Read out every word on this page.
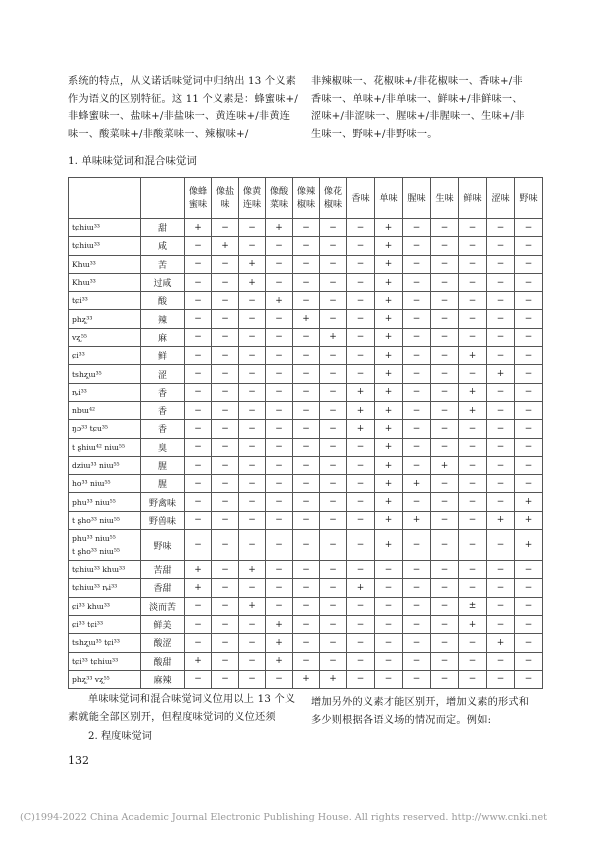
系统的特点，从义诺话味觉词中归纳出 13 个义素作为语义的区别特征。这 11 个义素是：蜂蜜味+/非蜂蜜味一、盐味+/非盐味一、黄连味+/非黄连味一、酸菜味+/非酸菜味一、辣椒味+/

非辣椒味一、花椒味+/非花椒味一、香味+/非香味一、单味+/非单味一、鲜味+/非鲜味一、涩味+/非涩味一、腥味+/非腥味一、生味+/非生味一、野味+/非野味一。

1. 单味味觉词和混合味觉词
		像蜂蜜味	像盐味	像黄连味	像酸菜味	像辣椒味	像花椒味	香味	单味	腥味	生味	鲜味	涩味	野味
tɕhiɯ³³	甜	+	−	−	+	−	−	−	+	−	−	−	−	−
tɕhiɯ³³	咸	−	+	−	−	−	−	−	+	−	−	−	−	−
Khɯ³³	苦	−	−	+	−	−	−	−	+	−	−	−	−	−
Khɯ³³	过咸	−	−	+	−	−	−	−	+	−	−	−	−	−
tɕi³³	酸	−	−	−	+	−	−	−	+	−	−	−	−	−
phʐ̩³³	辣	−	−	−	−	+	−	−	+	−	−	−	−	−
vʐ̩⁵⁵	麻	−	−	−	−	−	+	−	+	−	−	−	−	−
ɕi³³	鲜	−	−	−	−	−	−	−	+	−	−	+	−	−
tshʐ̩ɯ³⁵	涩	−	−	−	−	−	−	−	+	−	−	−	+	−
ȵi³³	香	−	−	−	−	−	−	+	+	−	−	+	−	−
nbɯ⁴²	香	−	−	−	−	−	−	+	+	−	−	+	−	−
ŋɔ³³ tɕu³⁵	香	−	−	−	−	−	−	+	+	−	−	−	−	−
t ʂhiɯ⁴² niɯ⁵⁵	臭	−	−	−	−	−	−	−	+	−	−	−	−	−
dziɯ³³ niɯ⁵⁵	腥	−	−	−	−	−	−	−	+	−	+	−	−	−
ho³³ niɯ⁵⁵	腥	−	−	−	−	−	−	−	+	+	−	−	−	−
phu³³ niɯ⁵⁵	野禽味	−	−	−	−	−	−	−	+	−	−	−	−	+
t ʂho³³ niɯ⁵⁵	野兽味	−	−	−	−	−	−	−	+	+	−	−	+	+

phu³³ niɯ⁵⁵
t ʂho³³ niɯ⁵⁵	野味	−	−	−	−	−	−	−	+	−	−	−	−	+
tɕhiɯ³³ khɯ³³	苦甜	+	−	+	−	−	−	−	−	−	−	−	−	−
tɕhiɯ³³ ȵi³³	香甜	+	−	−	−	−	−	+	−	−	−	−	−	−
ɕi³³ khɯ³³	淡而苦	−	−	+	−	−	−	−	−	−	−	±	−	−
ɕi³³ tɕi³³	鲜美	−	−	−	+	−	−	−	−	−	−	+	−	−
tshʐ̩ɯ³⁵ tɕi³³	酸涩	−	−	−	+	−	−	−	−	−	−	−	+	−
tɕi³³ tɕhiɯ³³	酸甜	+	−	−	+	−	−	−	−	−	−	−	−	−
phʐ̩³³ vʐ̩⁵⁵	麻辣	−	−	−	−	+	+	−	−	−	−	−	−	−

单味味觉词和混合味觉词义位用以上 13 个义素就能全部区别开，但程度味觉词的义位还须

2. 程度味觉词

增加另外的义素才能区别开，增加义素的形式和多少则根据各语义场的情况而定。例如:

132
(C)1994-2022 China Academic Journal Electronic Publishing House. All rights reserved. http://www.cnki.net
